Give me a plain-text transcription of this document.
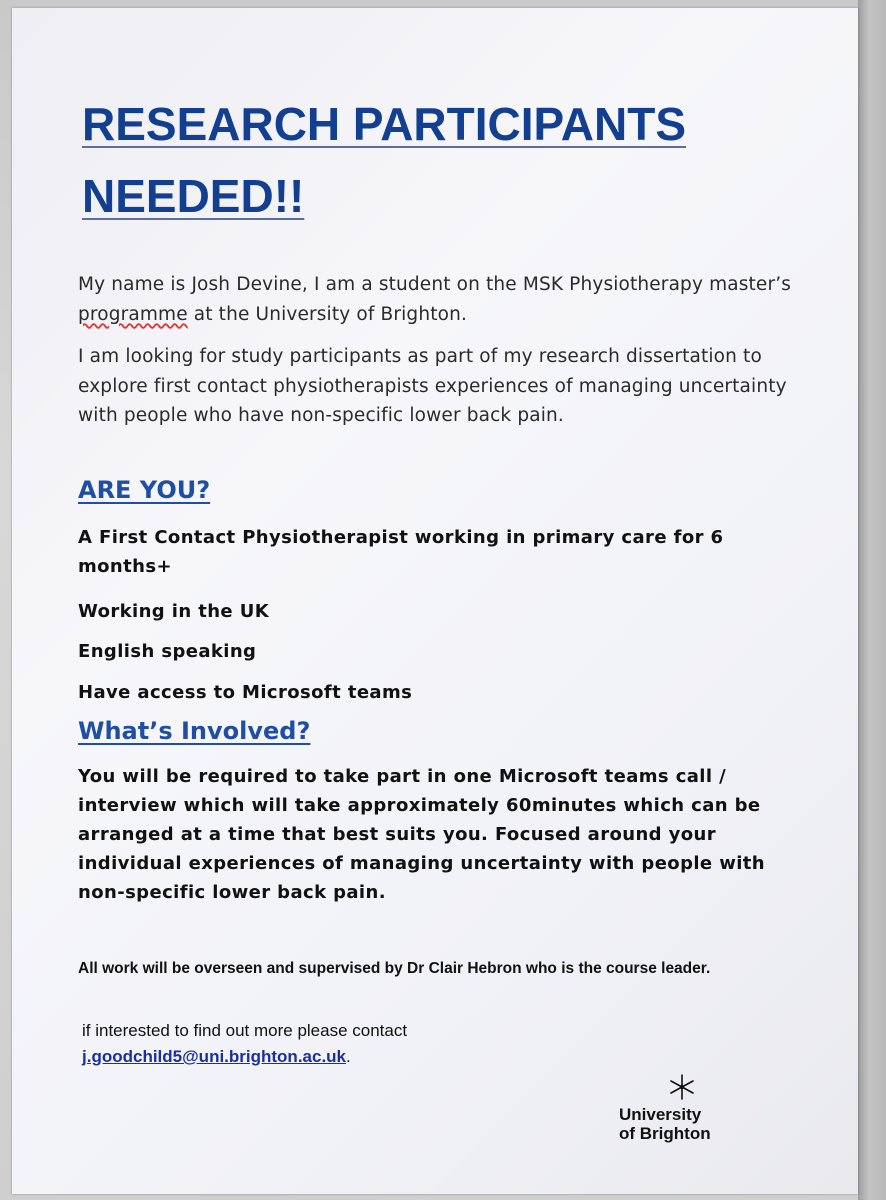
RESEARCH PARTICIPANTS NEEDED!!

My name is Josh Devine, I am a student on the MSK Physiotherapy master’s programme at the University of Brighton.

I am looking for study participants as part of my research dissertation to explore first contact physiotherapists experiences of managing uncertainty with people who have non-specific lower back pain.

ARE YOU?

A First Contact Physiotherapist working in primary care for 6 months+

Working in the UK

English speaking

Have access to Microsoft teams

What’s Involved?

You will be required to take part in one Microsoft teams call / interview which will take approximately 60minutes which can be arranged at a time that best suits you. Focused around your individual experiences of managing uncertainty with people with non-specific lower back pain.

All work will be overseen and supervised by Dr Clair Hebron who is the course leader.

if interested to find out more please contact

j.goodchild5@uni.brighton.ac.uk.

University
of Brighton
